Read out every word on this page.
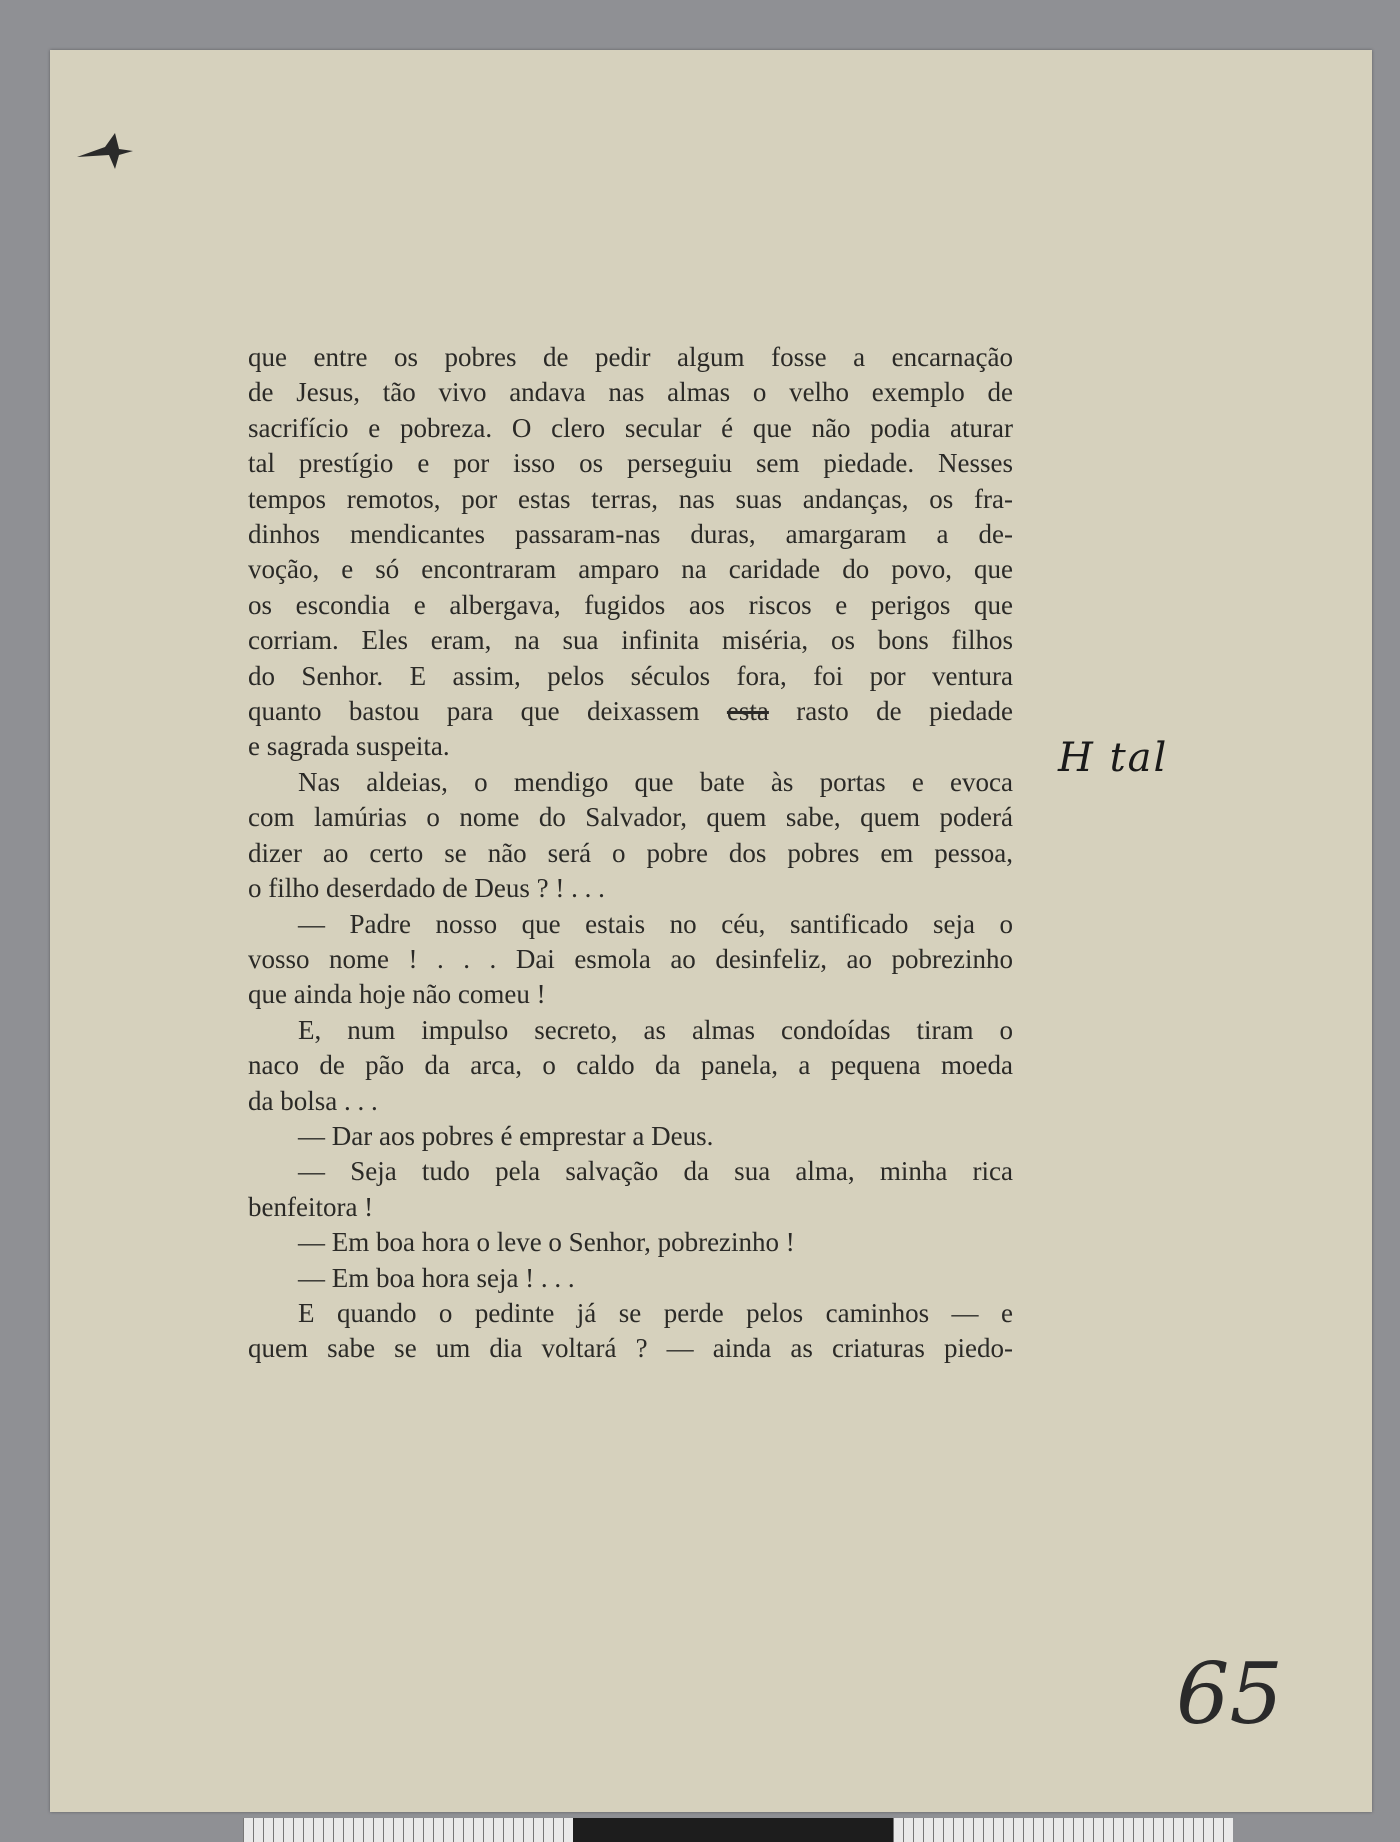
que entre os pobres de pedir algum fosse a encarnação
de Jesus, tão vivo andava nas almas o velho exemplo de
sacrifício e pobreza. O clero secular é que não podia aturar
tal prestígio e por isso os perseguiu sem piedade. Nesses
tempos remotos, por estas terras, nas suas andanças, os fra-
dinhos mendicantes passaram-nas duras, amargaram a de-
voção, e só encontraram amparo na caridade do povo, que
os escondia e albergava, fugidos aos riscos e perigos que
corriam. Eles eram, na sua infinita miséria, os bons filhos
do Senhor. E assim, pelos séculos fora, foi por ventura
quanto bastou para que deixassem esta rasto de piedade
e sagrada suspeita.
Nas aldeias, o mendigo que bate às portas e evoca
com lamúrias o nome do Salvador, quem sabe, quem poderá
dizer ao certo se não será o pobre dos pobres em pessoa,
o filho deserdado de Deus ? ! . . .
— Padre nosso que estais no céu, santificado seja o
vosso nome ! . . . Dai esmola ao desinfeliz, ao pobrezinho
que ainda hoje não comeu !
E, num impulso secreto, as almas condoídas tiram o
naco de pão da arca, o caldo da panela, a pequena moeda
da bolsa . . .
— Dar aos pobres é emprestar a Deus.
— Seja tudo pela salvação da sua alma, minha rica
benfeitora !
— Em boa hora o leve o Senhor, pobrezinho !
— Em boa hora seja ! . . .
E quando o pedinte já se perde pelos caminhos — e
quem sabe se um dia voltará ? — ainda as criaturas piedo-
H tal
65
